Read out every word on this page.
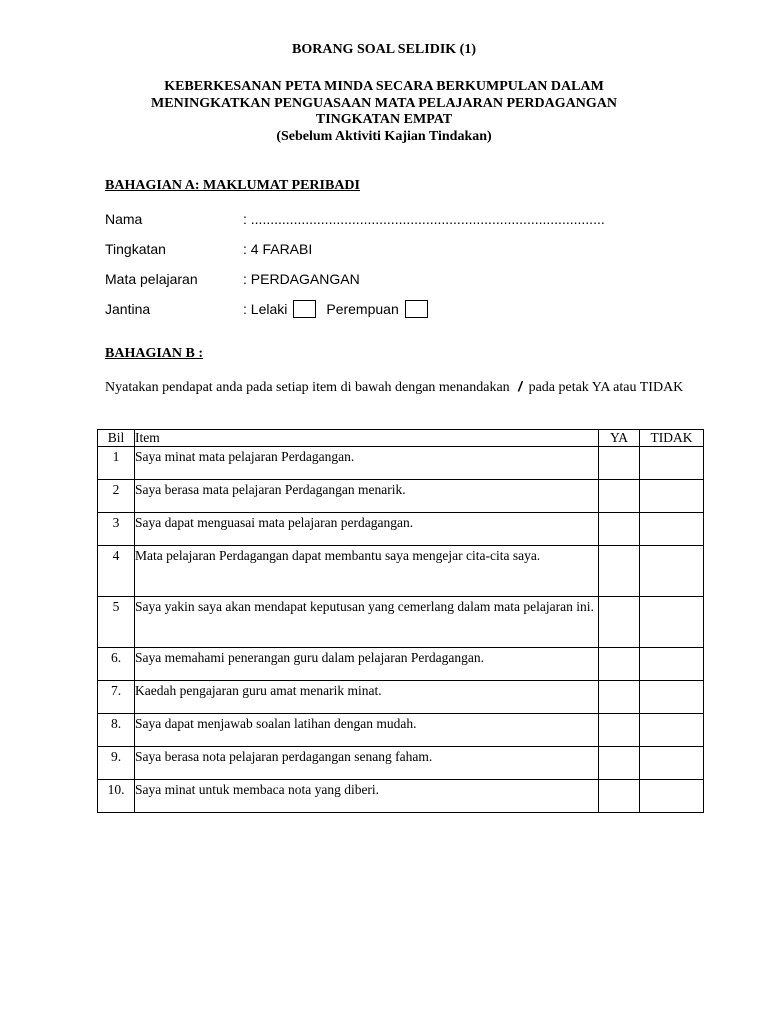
BORANG SOAL SELIDIK (1)
KEBERKESANAN PETA MINDA SECARA BERKUMPULAN DALAM
MENINGKATKAN PENGUASAAN MATA PELAJARAN PERDAGANGAN
TINGKATAN EMPAT
(Sebelum Aktiviti Kajian Tindakan)
BAHAGIAN A: MAKLUMAT PERIBADI
Nama	: ...........................................................................................
Tingkatan	: 4 FARABI
Mata pelajaran	: PERDAGANGAN
Jantina	: Lelaki	Perempuan
BAHAGIAN B :
Nyatakan pendapat anda pada setiap item di bawah dengan menandakan / pada petak YA atau TIDAK
Bil	Item	YA	TIDAK
1	Saya minat mata pelajaran Perdagangan.		
2	Saya berasa mata pelajaran Perdagangan menarik.		
3	Saya dapat menguasai mata pelajaran perdagangan.		
4	Mata pelajaran Perdagangan dapat membantu saya mengejar cita-cita saya.		
5	Saya yakin saya akan mendapat keputusan yang cemerlang dalam mata pelajaran ini.		
6.	Saya memahami penerangan guru dalam pelajaran Perdagangan.		
7.	Kaedah pengajaran guru amat menarik minat.		
8.	Saya dapat menjawab soalan latihan dengan mudah.		
9.	Saya berasa nota pelajaran perdagangan senang faham.		
10.	Saya minat untuk membaca nota yang diberi.		
